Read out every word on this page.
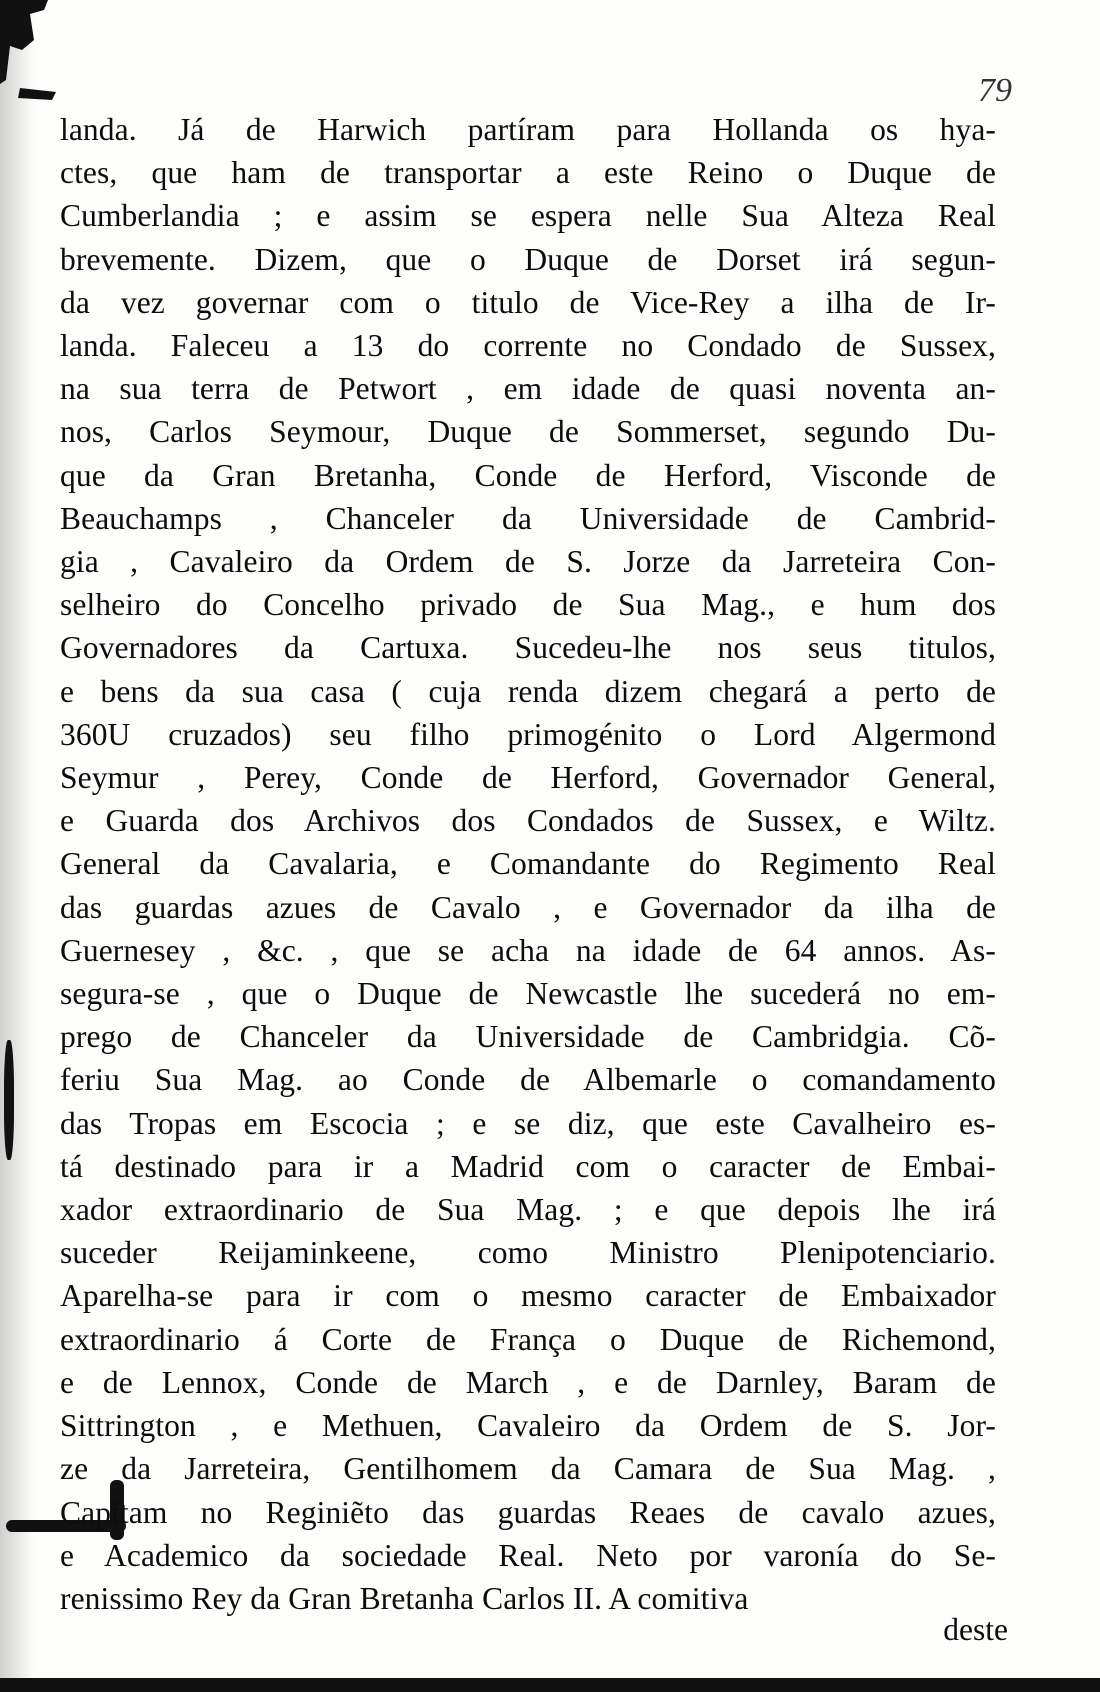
79

landa. Já de Harwich partíram para Hollanda os hya-

ctes, que ham de transportar a este Reino o Duque de

Cumberlandia ; e assim se espera nelle Sua Alteza Real

brevemente. Dizem, que o Duque de Dorset irá segun-

da vez governar com o titulo de Vice-Rey a ilha de Ir-

landa. Faleceu a 13 do corrente no Condado de Sussex,

na sua terra de Petwort , em idade de quasi noventa an-

nos, Carlos Seymour, Duque de Sommerset, segundo Du-

que da Gran Bretanha, Conde de Herford, Visconde de

Beauchamps , Chanceler da Universidade de Cambrid-

gia , Cavaleiro da Ordem de S. Jorze da Jarreteira Con-

selheiro do Concelho privado de Sua Mag., e hum dos

Governadores da Cartuxa. Sucedeu-lhe nos seus titulos,

e bens da sua casa ( cuja renda dizem chegará a perto de

360U cruzados) seu filho primogénito o Lord Algermond

Seymur , Perey, Conde de Herford, Governador General,

e Guarda dos Archivos dos Condados de Sussex, e Wiltz.

General da Cavalaria, e Comandante do Regimento Real

das guardas azues de Cavalo , e Governador da ilha de

Guernesey , &c. , que se acha na idade de 64 annos. As-

segura-se , que o Duque de Newcastle lhe sucederá no em-

prego de Chanceler da Universidade de Cambridgia. Cõ-

feriu Sua Mag. ao Conde de Albemarle o comandamento

das Tropas em Escocia ; e se diz, que este Cavalheiro es-

tá destinado para ir a Madrid com o caracter de Embai-

xador extraordinario de Sua Mag. ; e que depois lhe irá

suceder Reijaminkeene, como Ministro Plenipotenciario.

Aparelha-se para ir com o mesmo caracter de Embaixador

extraordinario á Corte de França o Duque de Richemond,

e de Lennox, Conde de March , e de Darnley, Baram de

Sittrington , e Methuen, Cavaleiro da Ordem de S. Jor-

ze da Jarreteira, Gentilhomem da Camara de Sua Mag. ,

Capitam no Reginiẽto das guardas Reaes de cavalo azues,

e Academico da sociedade Real. Neto por varonía do Se-

renissimo Rey da Gran Bretanha Carlos II. A comitiva

deste
